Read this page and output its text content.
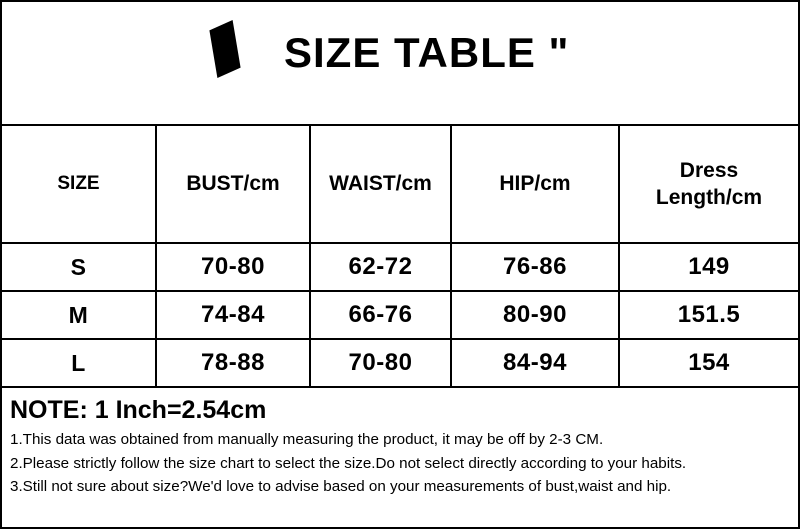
SIZE TABLE "
SIZE	BUST/cm	WAIST/cm	HIP/cm	Dress Length/cm
S	70-80	62-72	76-86	149
M	74-84	66-76	80-90	151.5
L	78-88	70-80	84-94	154
NOTE: 1 Inch=2.54cm
1.This data was obtained from manually measuring the product, it may be off by 2-3 CM.
2.Please strictly follow the size chart to select the size.Do not select directly according to your habits.
3.Still not sure about size?We'd love to advise based on your measurements of bust,waist and hip.
